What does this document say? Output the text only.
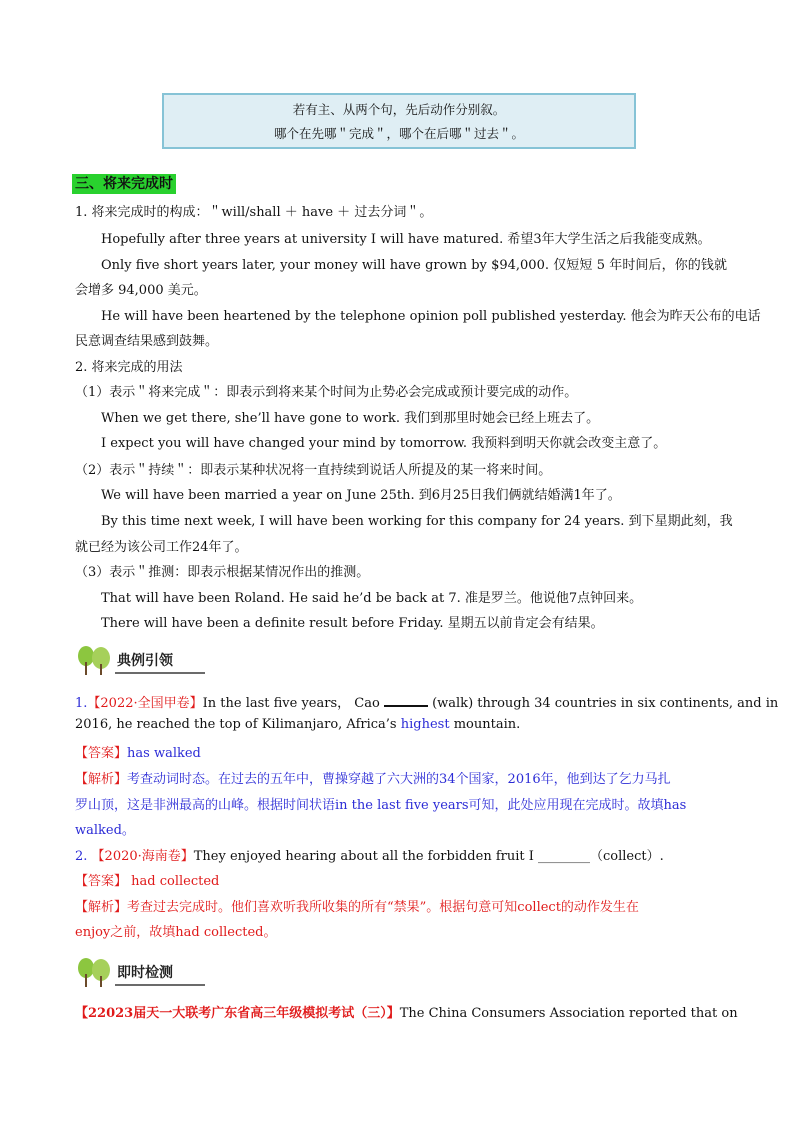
若有主、从两个句，先后动作分别叙。
哪个在先哪＂完成＂，哪个在后哪＂过去＂。
三、将来完成时
1. 将来完成时的构成：＂will/shall ＋ have ＋ 过去分词＂。
Hopefully after three years at university I will have matured. 希望3年大学生活之后我能变成熟。
Only five short years later, your money will have grown by $94,000. 仅短短 5 年时间后，你的钱就
会增多 94,000 美元。
He will have been heartened by the telephone opinion poll published yesterday. 他会为昨天公布的电话
民意调查结果感到鼓舞。
2. 将来完成的用法
（1）表示＂将来完成＂：即表示到将来某个时间为止势必会完成或预计要完成的动作。
When we get there, she’ll have gone to work. 我们到那里时她会已经上班去了。
I expect you will have changed your mind by tomorrow. 我预料到明天你就会改变主意了。
（2）表示＂持续＂：即表示某种状况将一直持续到说话人所提及的某一将来时间。
We will have been married a year on June 25th. 到6月25日我们俩就结婚满1年了。
By this time next week, I will have been working for this company for 24 years. 到下星期此刻，我
就已经为该公司工作24年了。
（3）表示＂推测：即表示根据某情况作出的推测。
That will have been Roland. He said he’d be back at 7. 准是罗兰。他说他7点钟回来。
There will have been a definite result before Friday. 星期五以前肯定会有结果。
典例引领
1.【2022·全国甲卷】In the last five years， Cao	(walk) through 34 countries in six continents, and in
2016, he reached the top of Kilimanjaro, Africa’s highest mountain.
【答案】has walked
【解析】考查动词时态。在过去的五年中，曹操穿越了六大洲的34个国家，2016年，他到达了乞力马扎
罗山顶，这是非洲最高的山峰。根据时间状语in the last five years可知，此处应用现在完成时。故填has
walked。
2. 【2020·海南卷】They enjoyed hearing about all the forbidden fruit I ________（collect）.
【答案】 had collected
【解析】考查过去完成时。他们喜欢听我所收集的所有“禁果”。根据句意可知collect的动作发生在
enjoy之前，故填had collected。
即时检测
【22023届天一大联考广东省高三年级模拟考试（三）】The China Consumers Association reported that on
